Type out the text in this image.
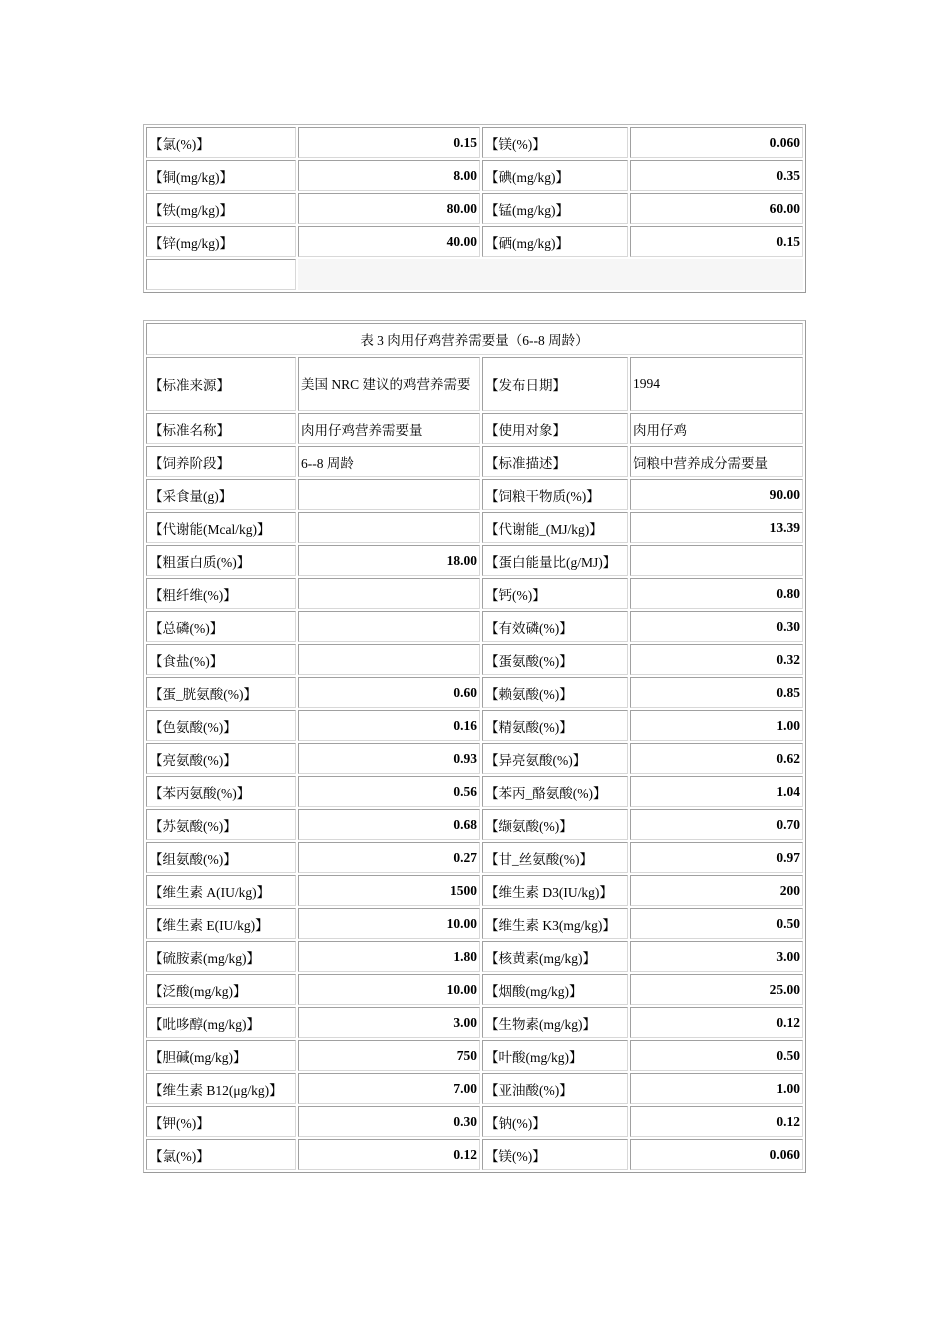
【氯(%)】	0.15	【镁(%)】	0.060
【铜(mg/kg)】	8.00	【碘(mg/kg)】	0.35
【铁(mg/kg)】	80.00	【锰(mg/kg)】	60.00
【锌(mg/kg)】	40.00	【硒(mg/kg)】	0.15

表 3 肉用仔鸡营养需要量（6--8 周龄）			
【标准来源】	美国 NRC 建议的鸡营养需要	【发布日期】	1994
【标准名称】	肉用仔鸡营养需要量	【使用对象】	肉用仔鸡
【饲养阶段】	6--8 周龄	【标准描述】	饲粮中营养成分需要量
【采食量(g)】		【饲粮干物质(%)】	90.00
【代谢能(Mcal/kg)】		【代谢能_(MJ/kg)】	13.39
【粗蛋白质(%)】	18.00	【蛋白能量比(g/MJ)】	
【粗纤维(%)】		【钙(%)】	0.80
【总磷(%)】		【有效磷(%)】	0.30
【食盐(%)】		【蛋氨酸(%)】	0.32
【蛋_胱氨酸(%)】	0.60	【赖氨酸(%)】	0.85
【色氨酸(%)】	0.16	【精氨酸(%)】	1.00
【亮氨酸(%)】	0.93	【异亮氨酸(%)】	0.62
【苯丙氨酸(%)】	0.56	【苯丙_酪氨酸(%)】	1.04
【苏氨酸(%)】	0.68	【缬氨酸(%)】	0.70
【组氨酸(%)】	0.27	【甘_丝氨酸(%)】	0.97
【维生素 A(IU/kg)】	1500	【维生素 D3(IU/kg)】	200
【维生素 E(IU/kg)】	10.00	【维生素 K3(mg/kg)】	0.50
【硫胺素(mg/kg)】	1.80	【核黄素(mg/kg)】	3.00
【泛酸(mg/kg)】	10.00	【烟酸(mg/kg)】	25.00
【吡哆醇(mg/kg)】	3.00	【生物素(mg/kg)】	0.12
【胆碱(mg/kg)】	750	【叶酸(mg/kg)】	0.50
【维生素 B12(μg/kg)】	7.00	【亚油酸(%)】	1.00
【钾(%)】	0.30	【钠(%)】	0.12
【氯(%)】	0.12	【镁(%)】	0.060
